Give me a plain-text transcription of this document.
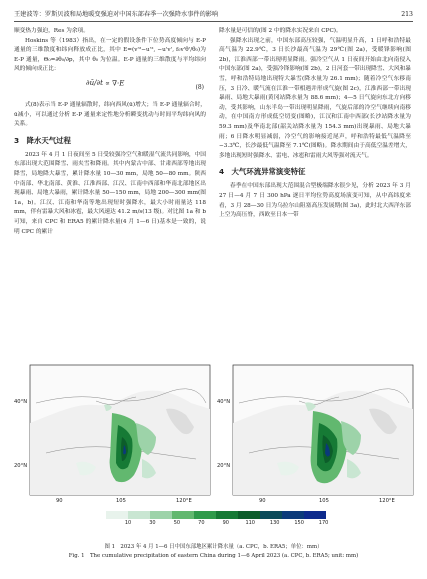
王建波等：罗斯贝波和局地暖变强迫对中国东部春季一次强降水事件的影响	213

顺变热力强迫，Res 为余项。

Hoskins 等（1983）指出，在一定的假设条件下位势高度倾向与 E-P 通量的三维散度和纬向释放成正比，其中 E=(v'²−u'², −u'v', f₀v'θ'/θ₀)为 E-P 通量，Θ₀=∂θ₀/∂p，其中 θ₀ 为位温。E-P 通量的三维散度与平均纬向风的倾向成正比：

∂ū/∂t ∝ ∇·E	(8)

式(8)表示当 E-P 通量辐散时，纬向西风(ū)增大；当 E-P 通量辐合时，ū减小，可以通过分析 E-P 通量来定性地分析瞬变扰动与时间平均纬向风的关系。

3　降水天气过程

2023 年 4 月 1 日夜间至 5 日受较强冷空气和暖湿气流共同影响，中国东部出现大范围降雪、雨夹雪和降雨。其中内蒙古中部、甘肃西部等地出现降雪，局地降大暴雪，累计降水量 10—30 mm，局地 50—80 mm。陕西中南部、华北南部、黄淮、江淮西部、江汉、江南中西部和华南北部地区出现暴雨、局地大暴雨，累计降水量 50—150 mm，局地 200—300 mm(图 1a，b)。江汉、江南和华南等地出现短时强降水，最大小时雨量达 118 mm，伴有雷暴大风和冰雹，最大风速达 41.2 m/s(13 级)。对比图 1a 和 b 可知，来自 CPC 和 ERA5 的累计降水量(4 月 1—6 日)基本是一致的，说明 CPC 的累计

降水量是可信的(图 2 中的降水实况来自 CPC)。

强降水出现之前，中国东部高压较强，气温明显升高，1 日呼和浩特最高气温为 22.9℃，3 日长沙最高气温为 29℃(图 2a)，受暖锋影响(图 2b)，江淮西部一带出现明显降雨。强冷空气从 1 日夜间开始由北向南侵入中国东部(图 2a)，受强冷锋影响(图 2b)，2 日河套一带出现降雪、大风和暴雪，呼和浩特局地出现特大暴雪(降水量为 26.1 mm)；随着冷空气东移南压，3 日冷、暖气流在江淮一带相遇并形成气旋(图 2c)，江淮西部一带出现暴雨、局地大暴雨(黄冈站降水量为 88.6 mm)；4—5 日气旋向东北方向移动，受其影响，山东半岛一带出现明显降雨，气旋后部的冷空气继续向南移动，在中国南方形成低空切变(图略)，江汉和江南中西部(长沙站降水量为 59.3 mm)及华南北部(韶关站降水量为 154.3 mm)出现暴雨、局地大暴雨；6 日降水明显减弱，冷空气的影响接近尾声，呼和浩特最低气温降至−3.3℃，长沙最低气温降至 7.1℃(图略)。降水期间由于高低空温差增大，多地出现短时强降水、雷电、冰雹和雷雨大风等强对流天气。

4　大气环流异常演变特征

春季在中国东部出现大范围混合型极端降水很少见，分析 2023 年 3 月 27 日—4 月 7 日 300 hPa 逐日平均位势高度场演变可知，从中高纬度来看，3 月 28—30 日为乌拉尔山阻塞高压发展期(图 3a)，此时北大西洋东部上空为高压脊，西欧至日本一带

40°N
20°N
90	105	120°E
40°N
20°N
90	105	120°E
10	30	50	70	90	110	130	150	170
图 1　2023 年 4 月 1—6 日中国东部地区累计降水量（a. CPC，b. ERA5；单位：mm）
Fig. 1　The cumulative precipitation of eastern China during 1—6 April 2023 (a. CPC, b. ERA5; unit: mm)
